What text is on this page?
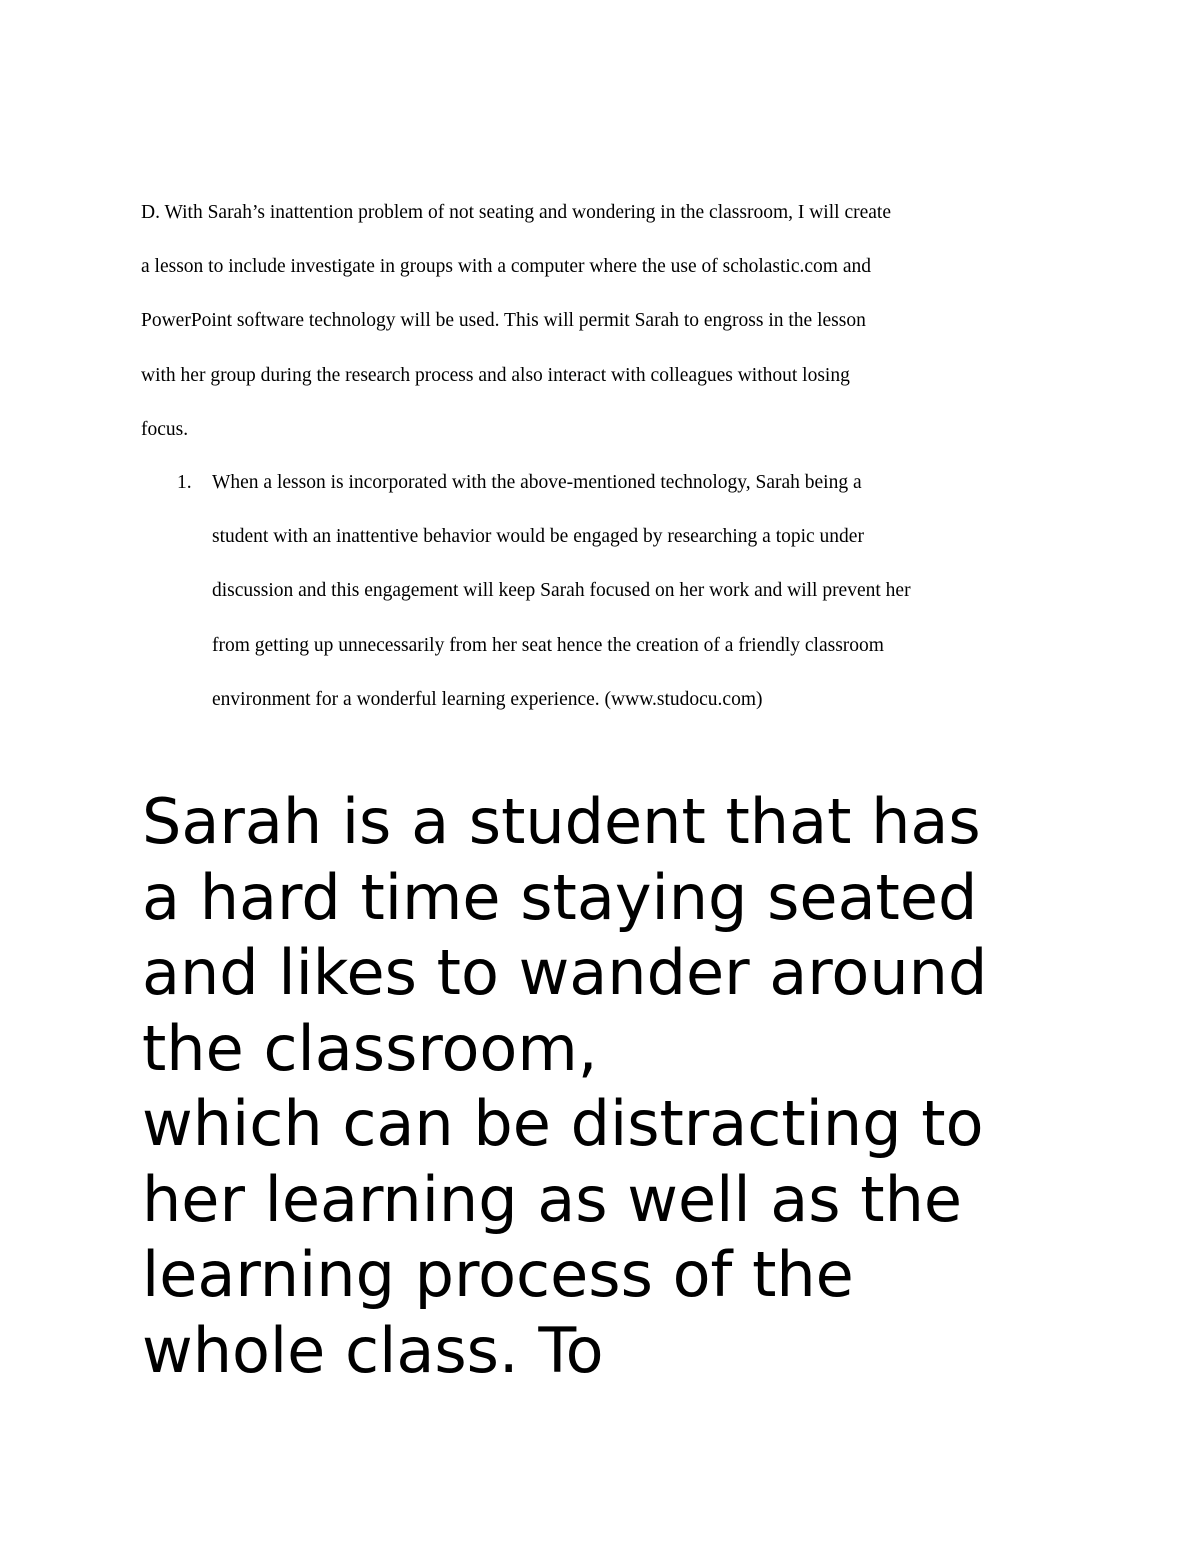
D. With Sarah’s inattention problem of not seating and wondering in the classroom, I will create
a lesson to include investigate in groups with a computer where the use of scholastic.com and
PowerPoint software technology will be used. This will permit Sarah to engross in the lesson
with her group during the research process and also interact with colleagues without losing
focus.

1. When a lesson is incorporated with the above-mentioned technology, Sarah being a
student with an inattentive behavior would be engaged by researching a topic under
discussion and this engagement will keep Sarah focused on her work and will prevent her
from getting up unnecessarily from her seat hence the creation of a friendly classroom
environment for a wonderful learning experience. (www.studocu.com)
Sarah is a student that has
a hard time staying seated
and likes to wander around
the classroom,
which can be distracting to
her learning as well as the
learning process of the
whole class. To
